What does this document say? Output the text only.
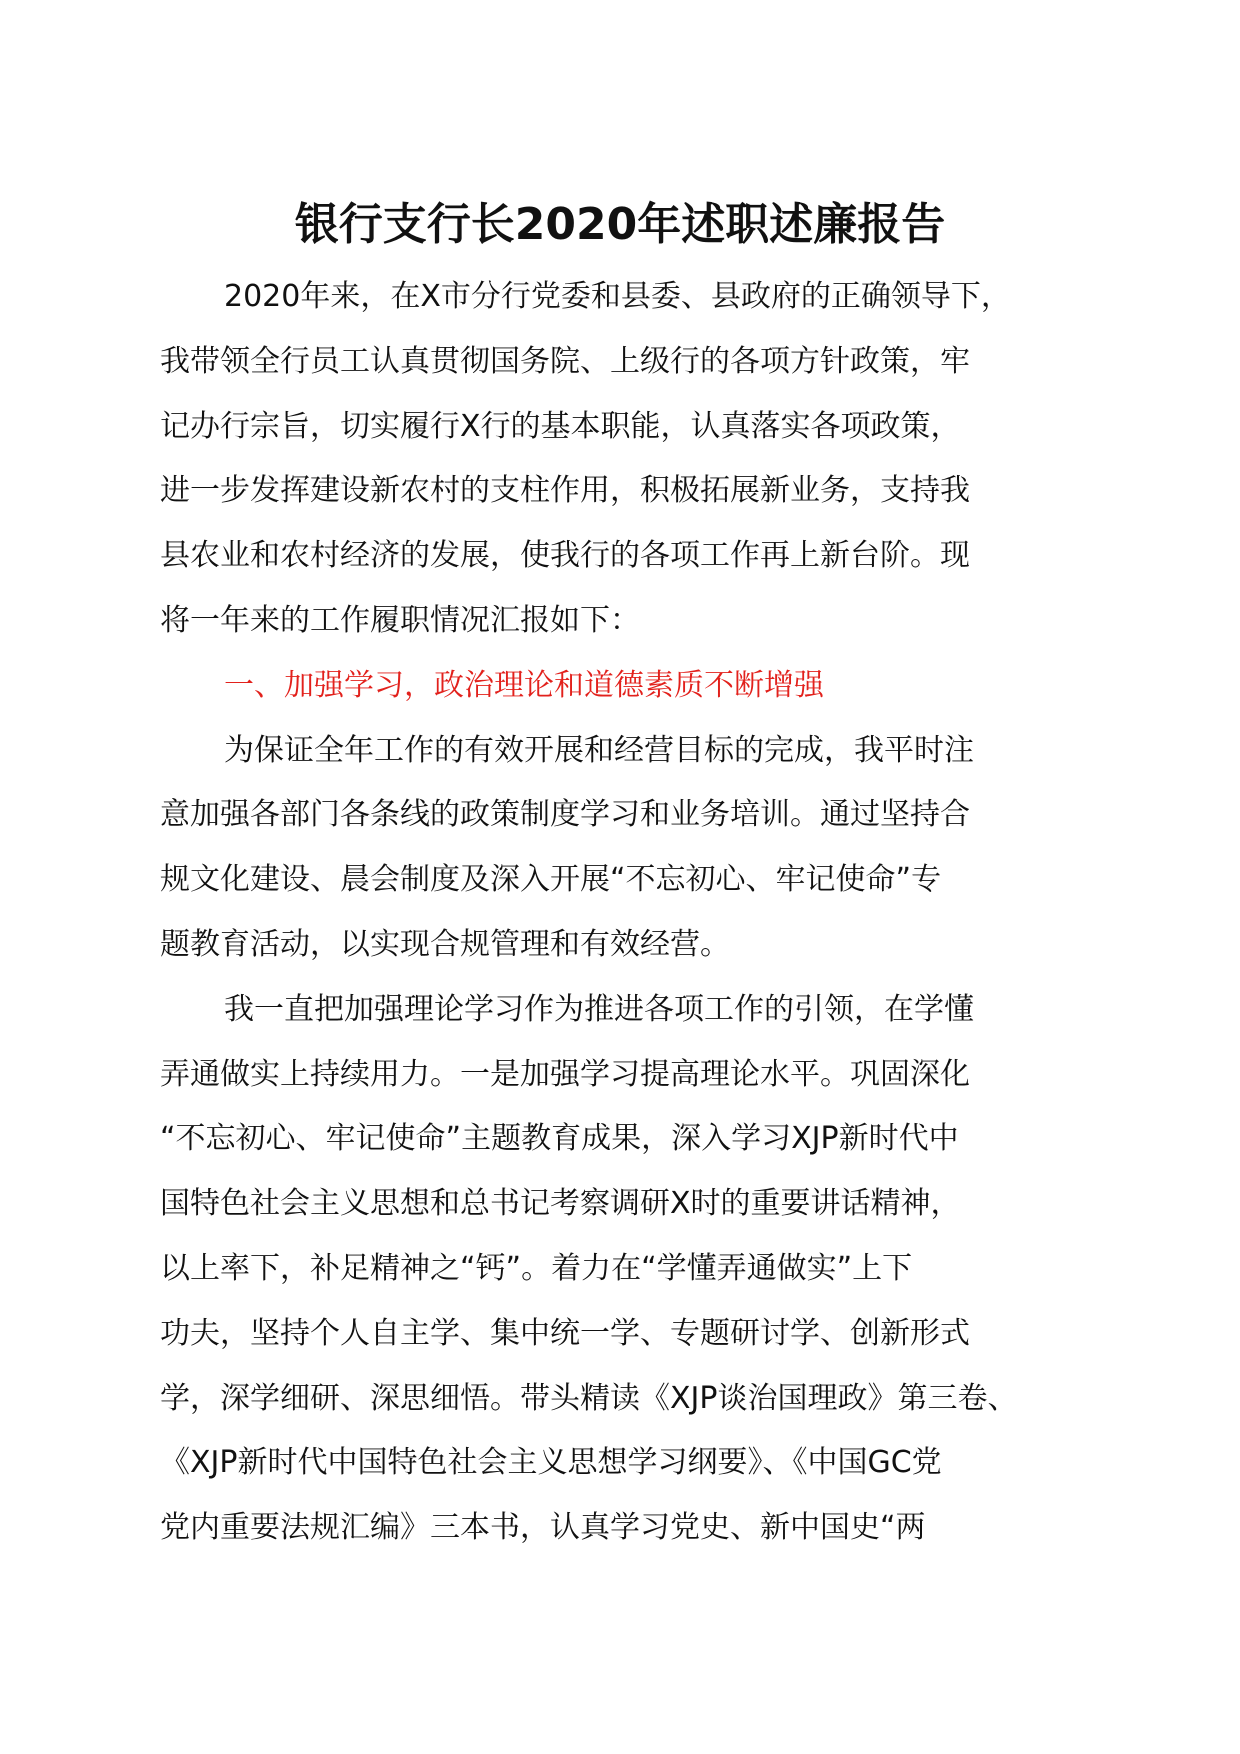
银行支行长2020年述职述廉报告
2020年来，在X市分行党委和县委、县政府的正确领导下，
我带领全行员工认真贯彻国务院、上级行的各项方针政策，牢
记办行宗旨，切实履行X行的基本职能，认真落实各项政策，
进一步发挥建设新农村的支柱作用，积极拓展新业务，支持我
县农业和农村经济的发展，使我行的各项工作再上新台阶。现
将一年来的工作履职情况汇报如下：
一、加强学习，政治理论和道德素质不断增强
为保证全年工作的有效开展和经营目标的完成，我平时注
意加强各部门各条线的政策制度学习和业务培训。通过坚持合
规文化建设、晨会制度及深入开展“不忘初心、牢记使命”专
题教育活动，以实现合规管理和有效经营。
我一直把加强理论学习作为推进各项工作的引领，在学懂
弄通做实上持续用力。一是加强学习提高理论水平。巩固深化
“不忘初心、牢记使命”主题教育成果，深入学习XJP新时代中
国特色社会主义思想和总书记考察调研X时的重要讲话精神，
以上率下，补足精神之“钙”。着力在“学懂弄通做实”上下
功夫，坚持个人自主学、集中统一学、专题研讨学、创新形式
学，深学细研、深思细悟。带头精读《XJP谈治国理政》第三卷、
《XJP新时代中国特色社会主义思想学习纲要》、《中国GC党
党内重要法规汇编》三本书，认真学习党史、新中国史“两
